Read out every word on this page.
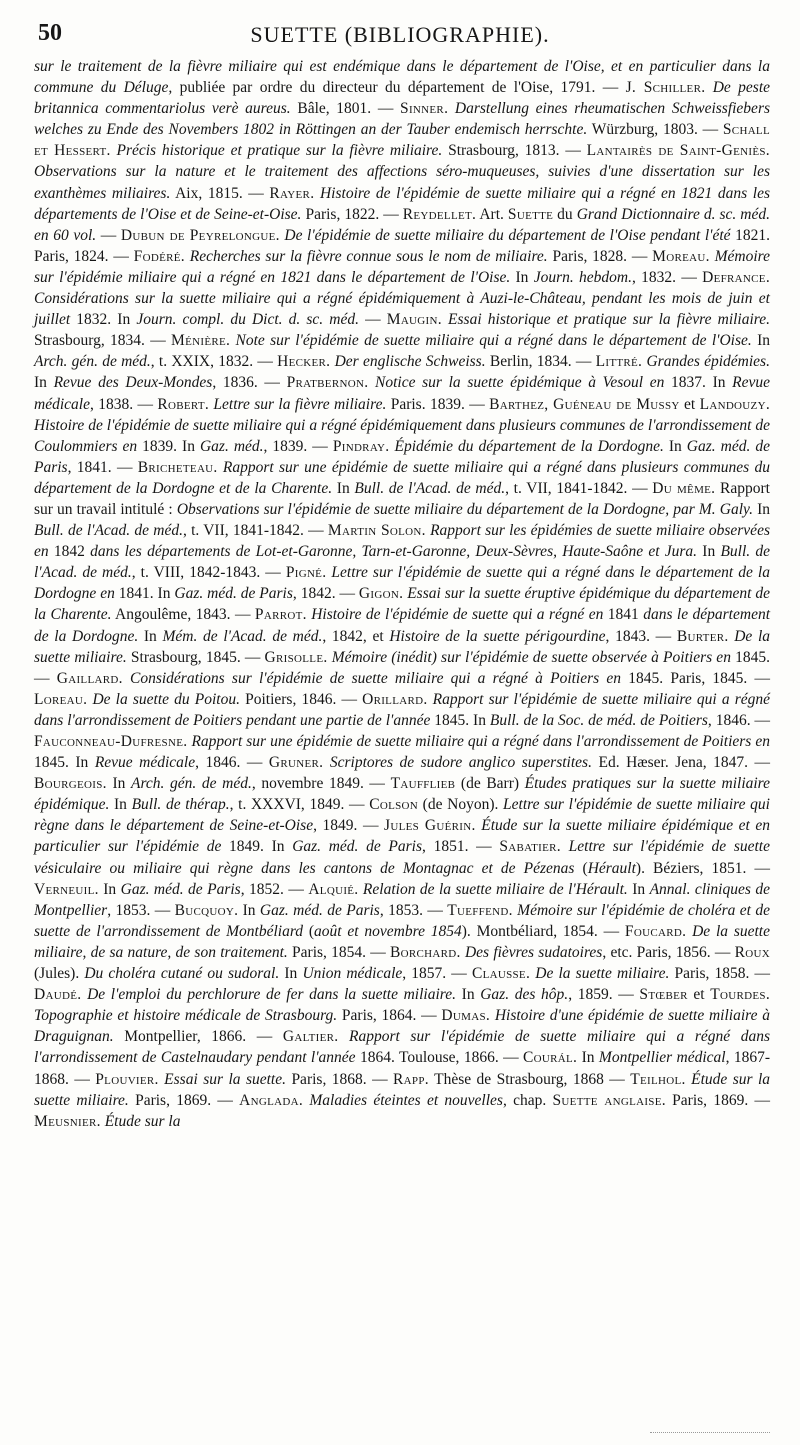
50	SUETTE (BIBLIOGRAPHIE).

sur le traitement de la fièvre miliaire qui est endémique dans le département de l'Oise, et en particulier dans la commune du Déluge, publiée par ordre du directeur du département de l'Oise, 1791. — J. Schiller. De peste britannica commentariolus verè aureus. Bâle, 1801. — Sinner. Darstellung eines rheumatischen Schweissfiebers welches zu Ende des Novembers 1802 in Röttingen an der Tauber endemisch herrschte. Würzburg, 1803. — Schall et Hessert. Précis historique et pratique sur la fièvre miliaire. Strasbourg, 1813. — Lantairès de Saint-Geniès. Observations sur la nature et le traitement des affections séro-muqueuses, suivies d'une dissertation sur les exanthèmes miliaires. Aix, 1815. — Rayer. Histoire de l'épidémie de suette miliaire qui a régné en 1821 dans les départements de l'Oise et de Seine-et-Oise. Paris, 1822. — Reydellet. Art. Suette du Grand Dictionnaire d. sc. méd. en 60 vol. — Dubun de Peyrelongue. De l'épidémie de suette miliaire du département de l'Oise pendant l'été 1821. Paris, 1824. — Fodéré. Recherches sur la fièvre connue sous le nom de miliaire. Paris, 1828. — Moreau. Mémoire sur l'épidémie miliaire qui a régné en 1821 dans le département de l'Oise. In Journ. hebdom., 1832. — Defrance. Considérations sur la suette miliaire qui a régné épidémiquement à Auzi-le-Château, pendant les mois de juin et juillet 1832. In Journ. compl. du Dict. d. sc. méd. — Maugin. Essai historique et pratique sur la fièvre miliaire. Strasbourg, 1834. — Ménière. Note sur l'épidémie de suette miliaire qui a régné dans le département de l'Oise. In Arch. gén. de méd., t. XXIX, 1832. — Hecker. Der englische Schweiss. Berlin, 1834. — Littré. Grandes épidémies. In Revue des Deux-Mondes, 1836. — Pratbernon. Notice sur la suette épidémique à Vesoul en 1837. In Revue médicale, 1838. — Robert. Lettre sur la fièvre miliaire. Paris. 1839. — Barthez, Guéneau de Mussy et Landouzy. Histoire de l'épidémie de suette miliaire qui a régné épidémiquement dans plusieurs communes de l'arrondissement de Coulommiers en 1839. In Gaz. méd., 1839. — Pindray. Épidémie du département de la Dordogne. In Gaz. méd. de Paris, 1841. — Bricheteau. Rapport sur une épidémie de suette miliaire qui a régné dans plusieurs communes du département de la Dordogne et de la Charente. In Bull. de l'Acad. de méd., t. VII, 1841-1842. — Du même. Rapport sur un travail intitulé : Observations sur l'épidémie de suette miliaire du département de la Dordogne, par M. Galy. In Bull. de l'Acad. de méd., t. VII, 1841-1842. — Martin Solon. Rapport sur les épidémies de suette miliaire observées en 1842 dans les départements de Lot-et-Garonne, Tarn-et-Garonne, Deux-Sèvres, Haute-Saône et Jura. In Bull. de l'Acad. de méd., t. VIII, 1842-1843. — Pigné. Lettre sur l'épidémie de suette qui a régné dans le département de la Dordogne en 1841. In Gaz. méd. de Paris, 1842. — Gigon. Essai sur la suette éruptive épidémique du département de la Charente. Angoulême, 1843. — Parrot. Histoire de l'épidémie de suette qui a régné en 1841 dans le département de la Dordogne. In Mém. de l'Acad. de méd., 1842, et Histoire de la suette périgourdine, 1843. — Burter. De la suette miliaire. Strasbourg, 1845. — Grisolle. Mémoire (inédit) sur l'épidémie de suette observée à Poitiers en 1845. — Gaillard. Considérations sur l'épidémie de suette miliaire qui a régné à Poitiers en 1845. Paris, 1845. — Loreau. De la suette du Poitou. Poitiers, 1846. — Orillard. Rapport sur l'épidémie de suette miliaire qui a régné dans l'arrondissement de Poitiers pendant une partie de l'année 1845. In Bull. de la Soc. de méd. de Poitiers, 1846. — Fauconneau-Dufresne. Rapport sur une épidémie de suette miliaire qui a régné dans l'arrondissement de Poitiers en 1845. In Revue médicale, 1846. — Gruner. Scriptores de sudore anglico superstites. Ed. Hæser. Jena, 1847. — Bourgeois. In Arch. gén. de méd., novembre 1849. — Taufflieb (de Barr) Études pratiques sur la suette miliaire épidémique. In Bull. de thérap., t. XXXVI, 1849. — Colson (de Noyon). Lettre sur l'épidémie de suette miliaire qui règne dans le département de Seine-et-Oise, 1849. — Jules Guérin. Étude sur la suette miliaire épidémique et en particulier sur l'épidémie de 1849. In Gaz. méd. de Paris, 1851. — Sabatier. Lettre sur l'épidémie de suette vésiculaire ou miliaire qui règne dans les cantons de Montagnac et de Pézenas (Hérault). Béziers, 1851. — Verneuil. In Gaz. méd. de Paris, 1852. — Alquié. Relation de la suette miliaire de l'Hérault. In Annal. cliniques de Montpellier, 1853. — Bucquoy. In Gaz. méd. de Paris, 1853. — Tueffend. Mémoire sur l'épidémie de choléra et de suette de l'arrondissement de Montbéliard (août et novembre 1854). Montbéliard, 1854. — Foucard. De la suette miliaire, de sa nature, de son traitement. Paris, 1854. — Borchard. Des fièvres sudatoires, etc. Paris, 1856. — Roux (Jules). Du choléra cutané ou sudoral. In Union médicale, 1857. — Clausse. De la suette miliaire. Paris, 1858. — Daudé. De l'emploi du perchlorure de fer dans la suette miliaire. In Gaz. des hôp., 1859. — Stœber et Tourdes. Topographie et histoire médicale de Strasbourg. Paris, 1864. — Dumas. Histoire d'une épidémie de suette miliaire à Draguignan. Montpellier, 1866. — Galtier. Rapport sur l'épidémie de suette miliaire qui a régné dans l'arrondissement de Castelnaudary pendant l'année 1864. Toulouse, 1866. — Courál. In Montpellier médical, 1867-1868. — Plouvier. Essai sur la suette. Paris, 1868. — Rapp. Thèse de Strasbourg, 1868 — Teilhol. Étude sur la suette miliaire. Paris, 1869. — Anglada. Maladies éteintes et nouvelles, chap. Suette anglaise. Paris, 1869. — Meusnier. Étude sur la
